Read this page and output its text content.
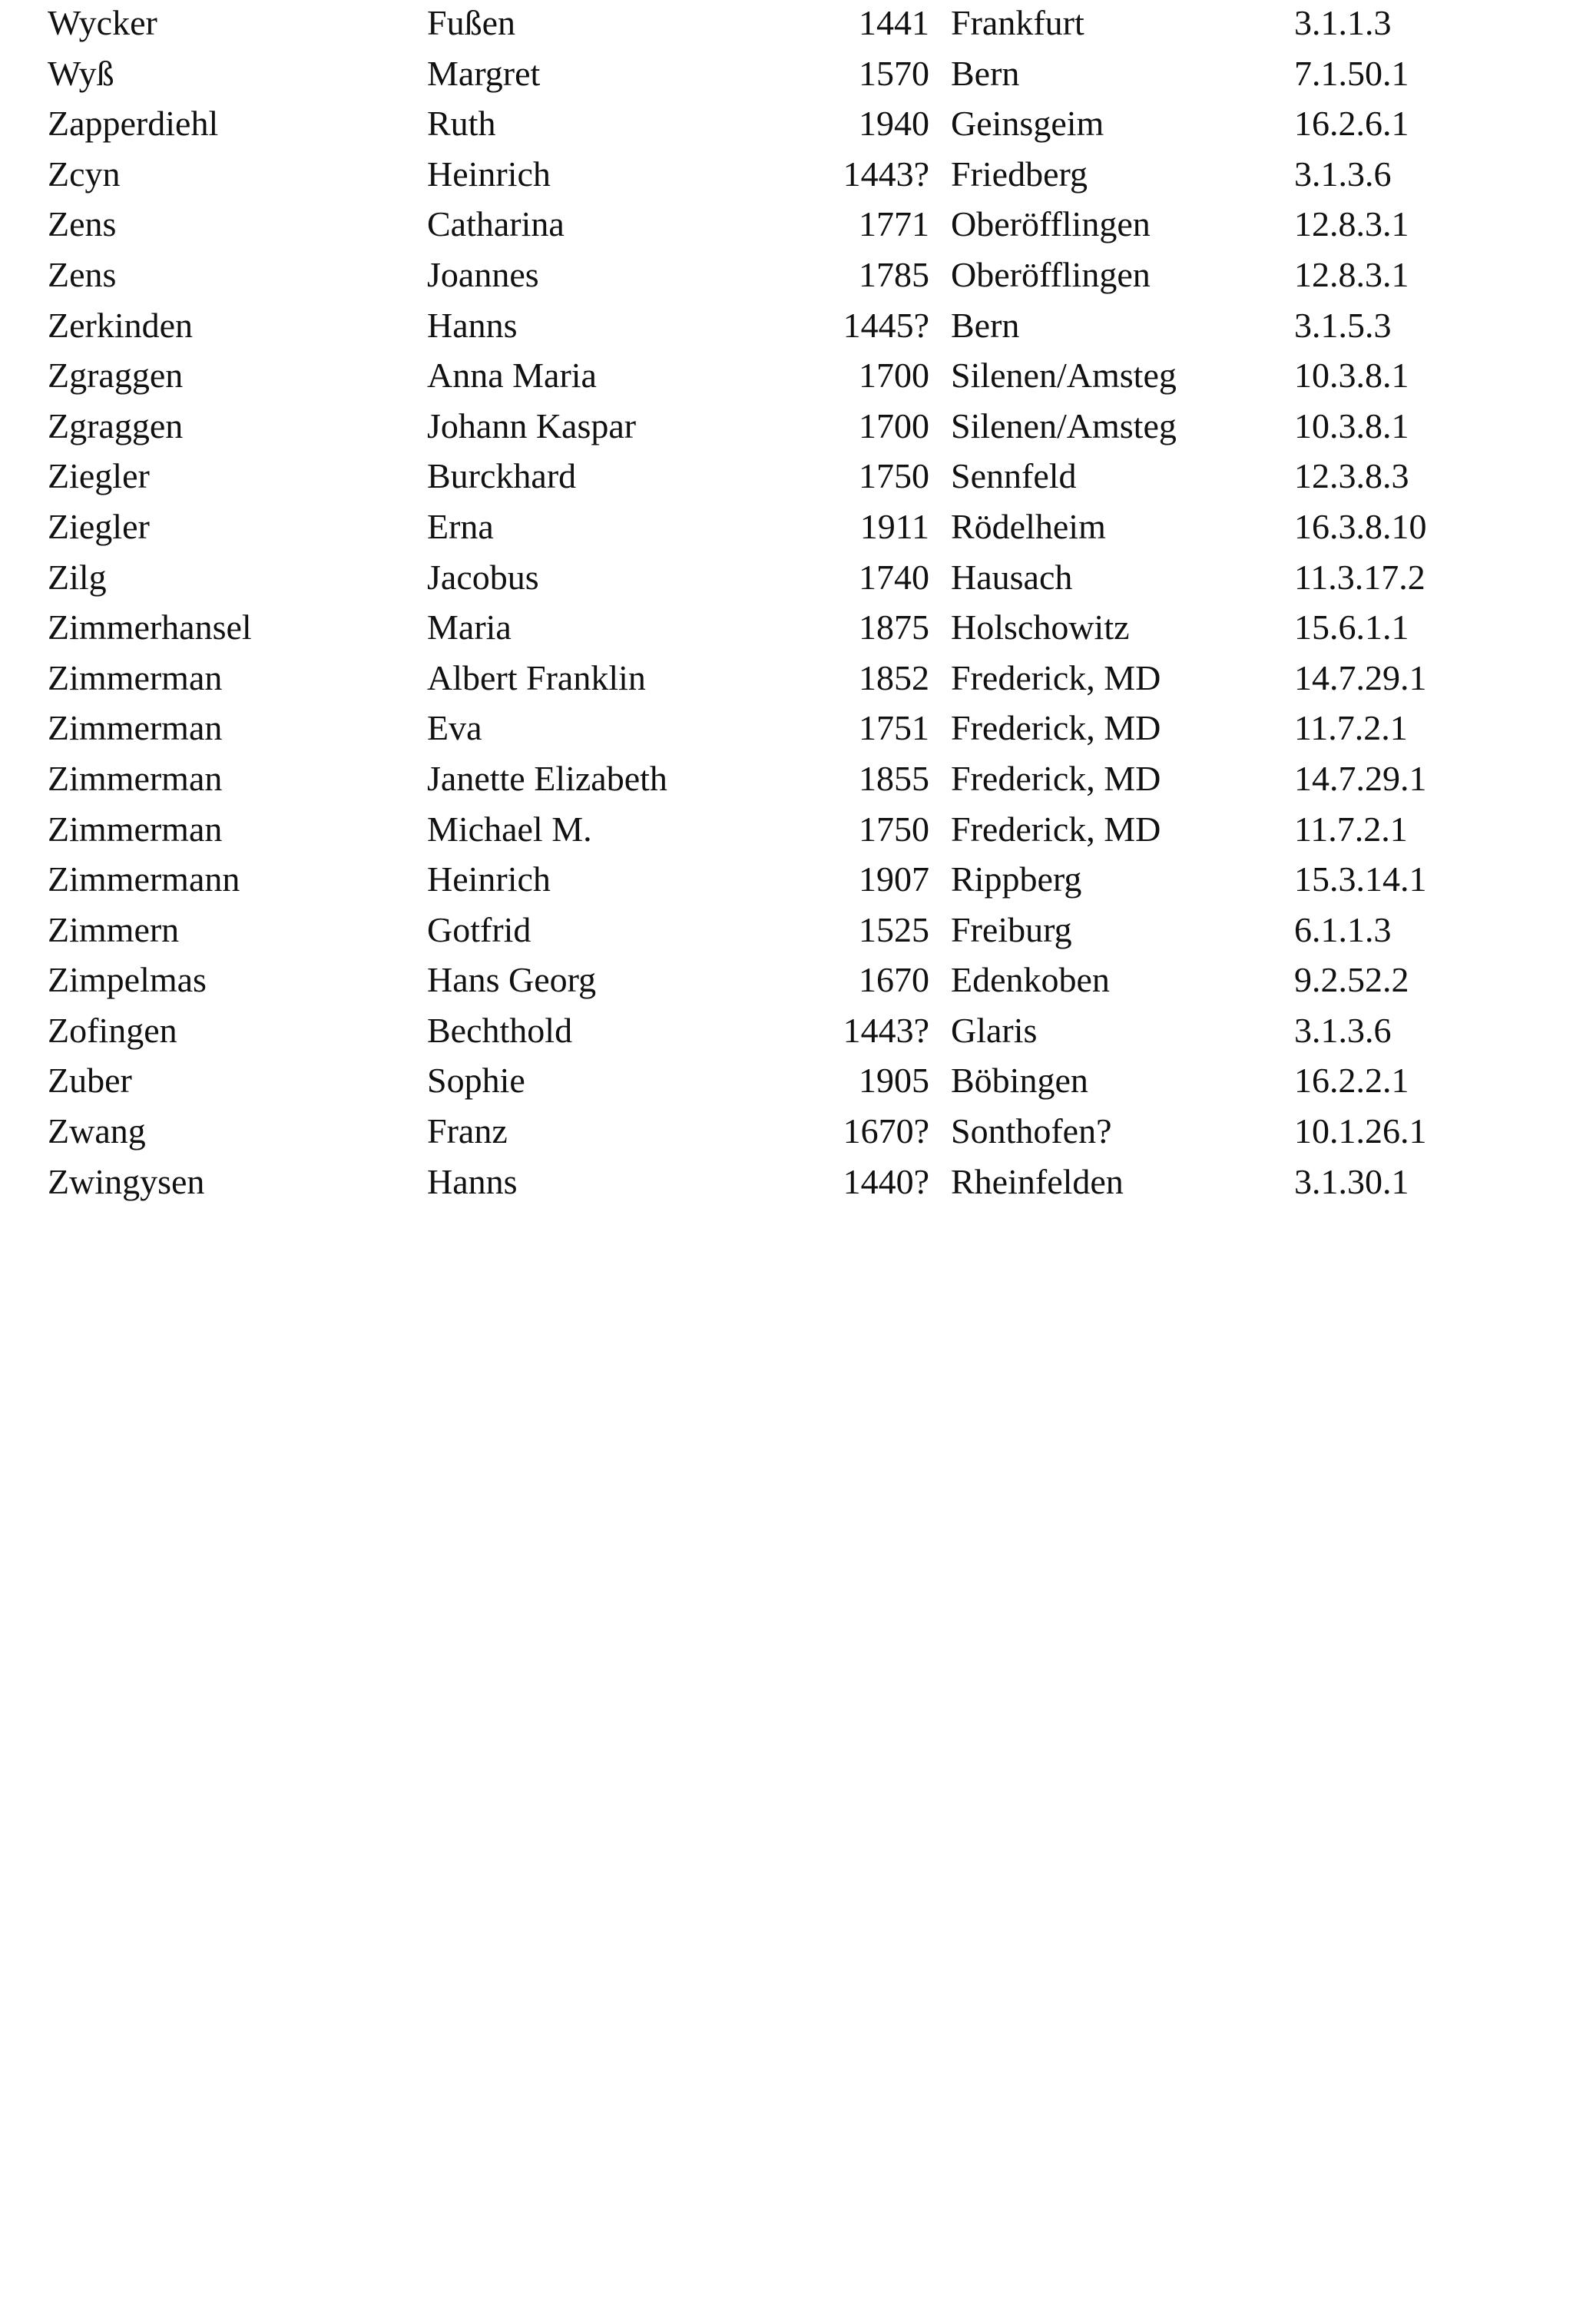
Wycker	Fußen	1441 Frankfurt	3.1.1.3
Wyß	Margret	1570 Bern	7.1.50.1
Zapperdiehl	Ruth	1940 Geinsgeim	16.2.6.1
Zcyn	Heinrich	1443? Friedberg	3.1.3.6
Zens	Catharina	1771 Oberöfflingen	12.8.3.1
Zens	Joannes	1785 Oberöfflingen	12.8.3.1
Zerkinden	Hanns	1445? Bern	3.1.5.3
Zgraggen	Anna Maria	1700 Silenen/Amsteg	10.3.8.1
Zgraggen	Johann Kaspar	1700 Silenen/Amsteg	10.3.8.1
Ziegler	Burckhard	1750 Sennfeld	12.3.8.3
Ziegler	Erna	1911 Rödelheim	16.3.8.10
Zilg	Jacobus	1740 Hausach	11.3.17.2
Zimmerhansel	Maria	1875 Holschowitz	15.6.1.1
Zimmerman	Albert Franklin	1852 Frederick, MD	14.7.29.1
Zimmerman	Eva	1751 Frederick, MD	11.7.2.1
Zimmerman	Janette Elizabeth	1855 Frederick, MD	14.7.29.1
Zimmerman	Michael M.	1750 Frederick, MD	11.7.2.1
Zimmermann	Heinrich	1907 Rippberg	15.3.14.1
Zimmern	Gotfrid	1525 Freiburg	6.1.1.3
Zimpelmas	Hans Georg	1670 Edenkoben	9.2.52.2
Zofingen	Bechthold	1443? Glaris	3.1.3.6
Zuber	Sophie	1905 Böbingen	16.2.2.1
Zwang	Franz	1670? Sonthofen?	10.1.26.1
Zwingysen	Hanns	1440? Rheinfelden	3.1.30.1
